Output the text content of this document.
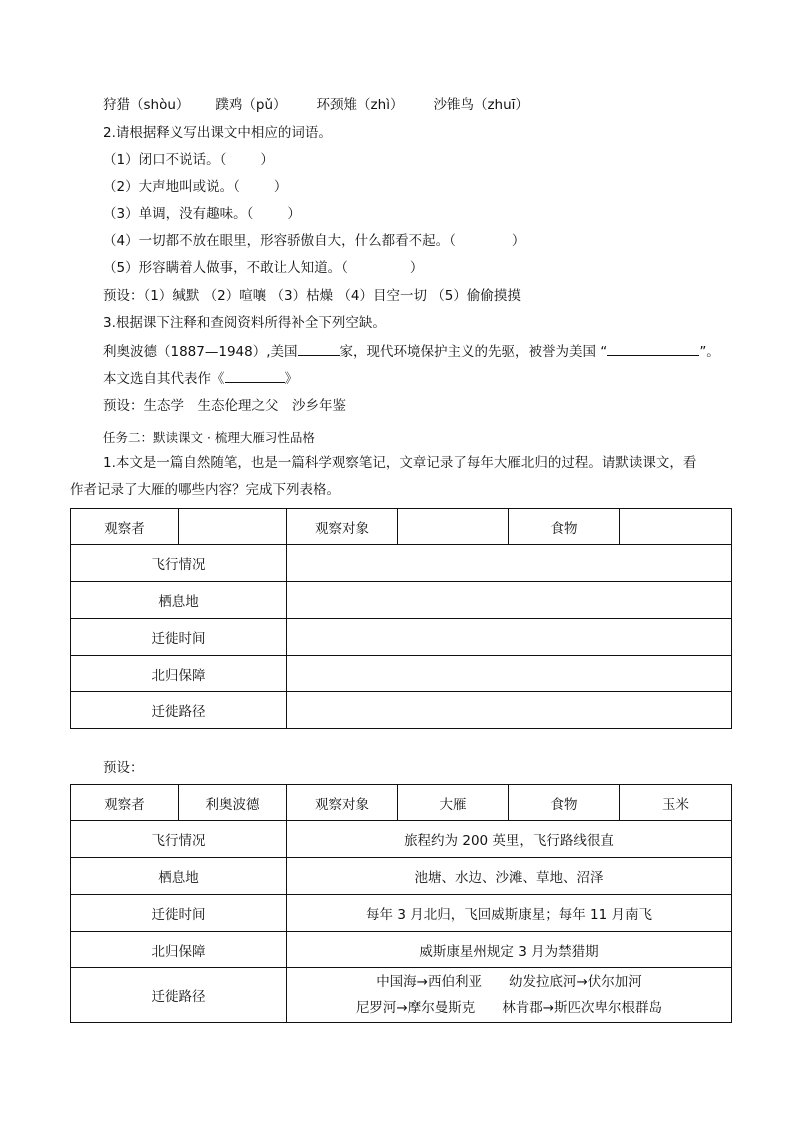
狩猎（shòu） 蹼鸡（pǔ） 环颈雉（zhì） 沙锥鸟（zhuī）
2.请根据释义写出课文中相应的词语。
（1）闭口不说话。（	）
（2）大声地叫或说。（	）
（3）单调，没有趣味。（	）
（4）一切都不放在眼里，形容骄傲自大，什么都看不起。（	）
（5）形容瞒着人做事，不敢让人知道。（	）
预设：（1）缄默 （2）喧嚷 （3）枯燥 （4）目空一切 （5）偷偷摸摸
3.根据课下注释和查阅资料所得补全下列空缺。
利奥波德（1887—1948）,美国	家，现代环境保护主义的先驱，被誉为美国 “	”。
本文选自其代表作《	》
预设：生态学　生态伦理之父　沙乡年鉴
任务二：默读课文 · 梳理大雁习性品格
1.本文是一篇自然随笔，也是一篇科学观察笔记，文章记录了每年大雁北归的过程。请默读课文，看
作者记录了大雁的哪些内容？完成下列表格。
观察者		观察对象		食物	
飞行情况					
栖息地					
迁徙时间					
北归保障					
迁徙路径					
预设：
观察者	利奥波德	观察对象	大雁	食物	玉米
飞行情况		旅程约为 200 英里，飞行路线很直			
栖息地		池塘、水边、沙滩、草地、沼泽			
迁徙时间		每年 3 月北归，飞回威斯康星；每年 11 月南飞			
北归保障		威斯康星州规定 3 月为禁猎期			
迁徙路径		中国海→西伯利亚　　幼发拉底河→伏尔加河
尼罗河→摩尔曼斯克　　林肯郡→斯匹次卑尔根群岛			
